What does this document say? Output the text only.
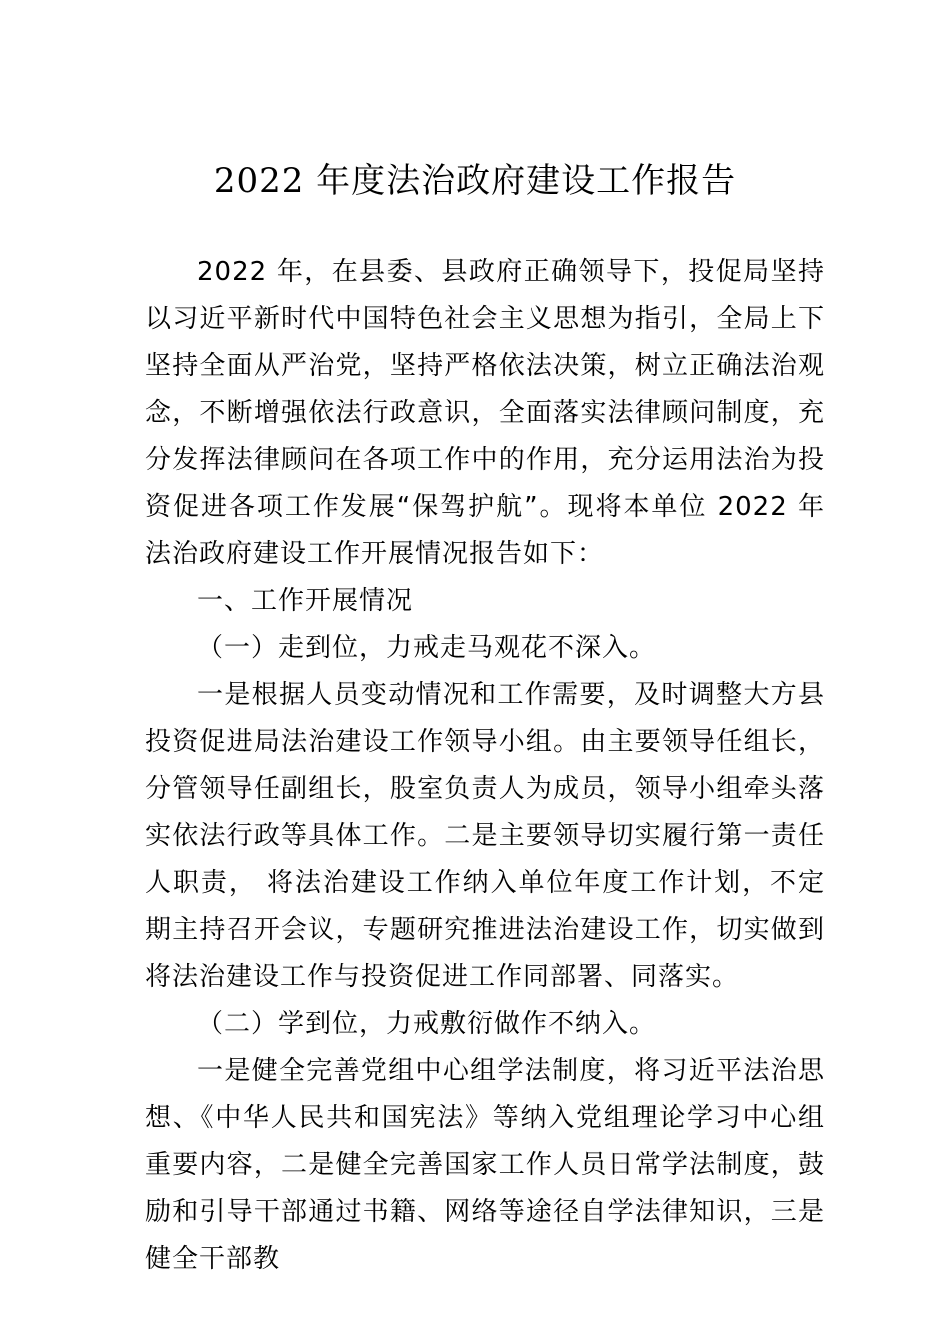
2022 年度法治政府建设工作报告

2022 年，在县委、县政府正确领导下，投促局坚持以习近平新时代中国特色社会主义思想为指引，全局上下坚持全面从严治党，坚持严格依法决策，树立正确法治观念，不断增强依法行政意识，全面落实法律顾问制度，充分发挥法律顾问在各项工作中的作用，充分运用法治为投资促进各项工作发展“保驾护航”。现将本单位 2022 年法治政府建设工作开展情况报告如下：

一、工作开展情况

（一）走到位，力戒走马观花不深入。

一是根据人员变动情况和工作需要，及时调整大方县投资促进局法治建设工作领导小组。由主要领导任组长，分管领导任副组长，股室负责人为成员，领导小组牵头落实依法行政等具体工作。二是主要领导切实履行第一责任人职责， 将法治建设工作纳入单位年度工作计划，不定期主持召开会议，专题研究推进法治建设工作，切实做到将法治建设工作与投资促进工作同部署、同落实。

（二）学到位，力戒敷衍做作不纳入。

一是健全完善党组中心组学法制度，将习近平法治思想、《中华人民共和国宪法》等纳入党组理论学习中心组重要内容，二是健全完善国家工作人员日常学法制度，鼓励和引导干部通过书籍、网络等途径自学法律知识，三是健全干部教
